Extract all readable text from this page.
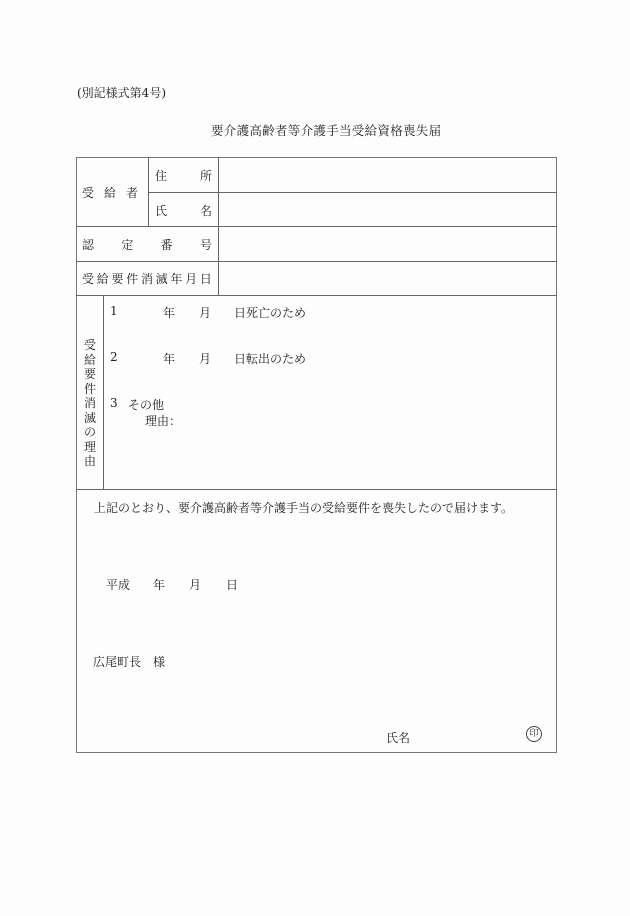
(別記様式第4号)
要介護高齢者等介護手当受給資格喪失届
受 給 者
住	所
氏	名
認 定 番 号
受 給 要 件 消 滅 年 月 日
受給要件消滅の理由
1	年 月 日死亡のため
2	年 月 日転出のため
3 その他
理由：
上記のとおり、要介護高齢者等介護手当の受給要件を喪失したので届けます。
平成 年 月 日
広尾町長　様
氏名	印
